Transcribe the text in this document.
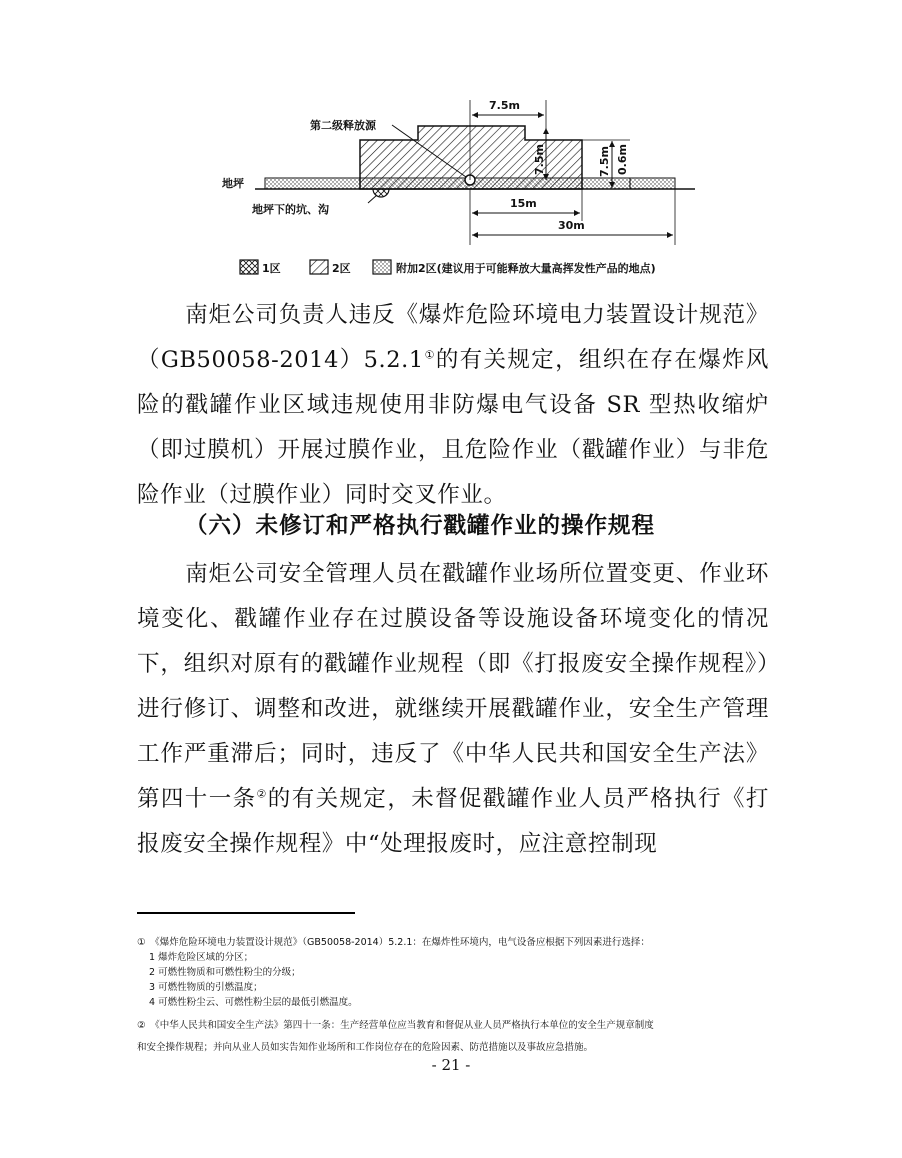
7.5m
7.5m	7.5m 0.6m
15m
30m
第二级释放源
地坪
地坪下的坑、沟
1区	2区	附加2区(建议用于可能释放大量高挥发性产品的地点)
南炬公司负责人违反《爆炸危险环境电力装置设计规范》（GB50058-2014）5.2.1①的有关规定，组织在存在爆炸风险的戳罐作业区域违规使用非防爆电气设备 SR 型热收缩炉（即过膜机）开展过膜作业，且危险作业（戳罐作业）与非危险作业（过膜作业）同时交叉作业。
（六）未修订和严格执行戳罐作业的操作规程
南炬公司安全管理人员在戳罐作业场所位置变更、作业环境变化、戳罐作业存在过膜设备等设施设备环境变化的情况下，组织对原有的戳罐作业规程（即《打报废安全操作规程》）进行修订、调整和改进，就继续开展戳罐作业，安全生产管理工作严重滞后；同时，违反了《中华人民共和国安全生产法》第四十一条②的有关规定，未督促戳罐作业人员严格执行《打报废安全操作规程》中“处理报废时，应注意控制现
①　《爆炸危险环境电力装置设计规范》（GB50058-2014）5.2.1：在爆炸性环境内，电气设备应根据下列因素进行选择：
1 爆炸危险区域的分区；
2 可燃性物质和可燃性粉尘的分级；
3 可燃性物质的引燃温度；
4 可燃性粉尘云、可燃性粉尘层的最低引燃温度。
②　《中华人民共和国安全生产法》第四十一条：生产经营单位应当教育和督促从业人员严格执行本单位的安全生产规章制度
和安全操作规程；并向从业人员如实告知作业场所和工作岗位存在的危险因素、防范措施以及事故应急措施。
- 21 -
